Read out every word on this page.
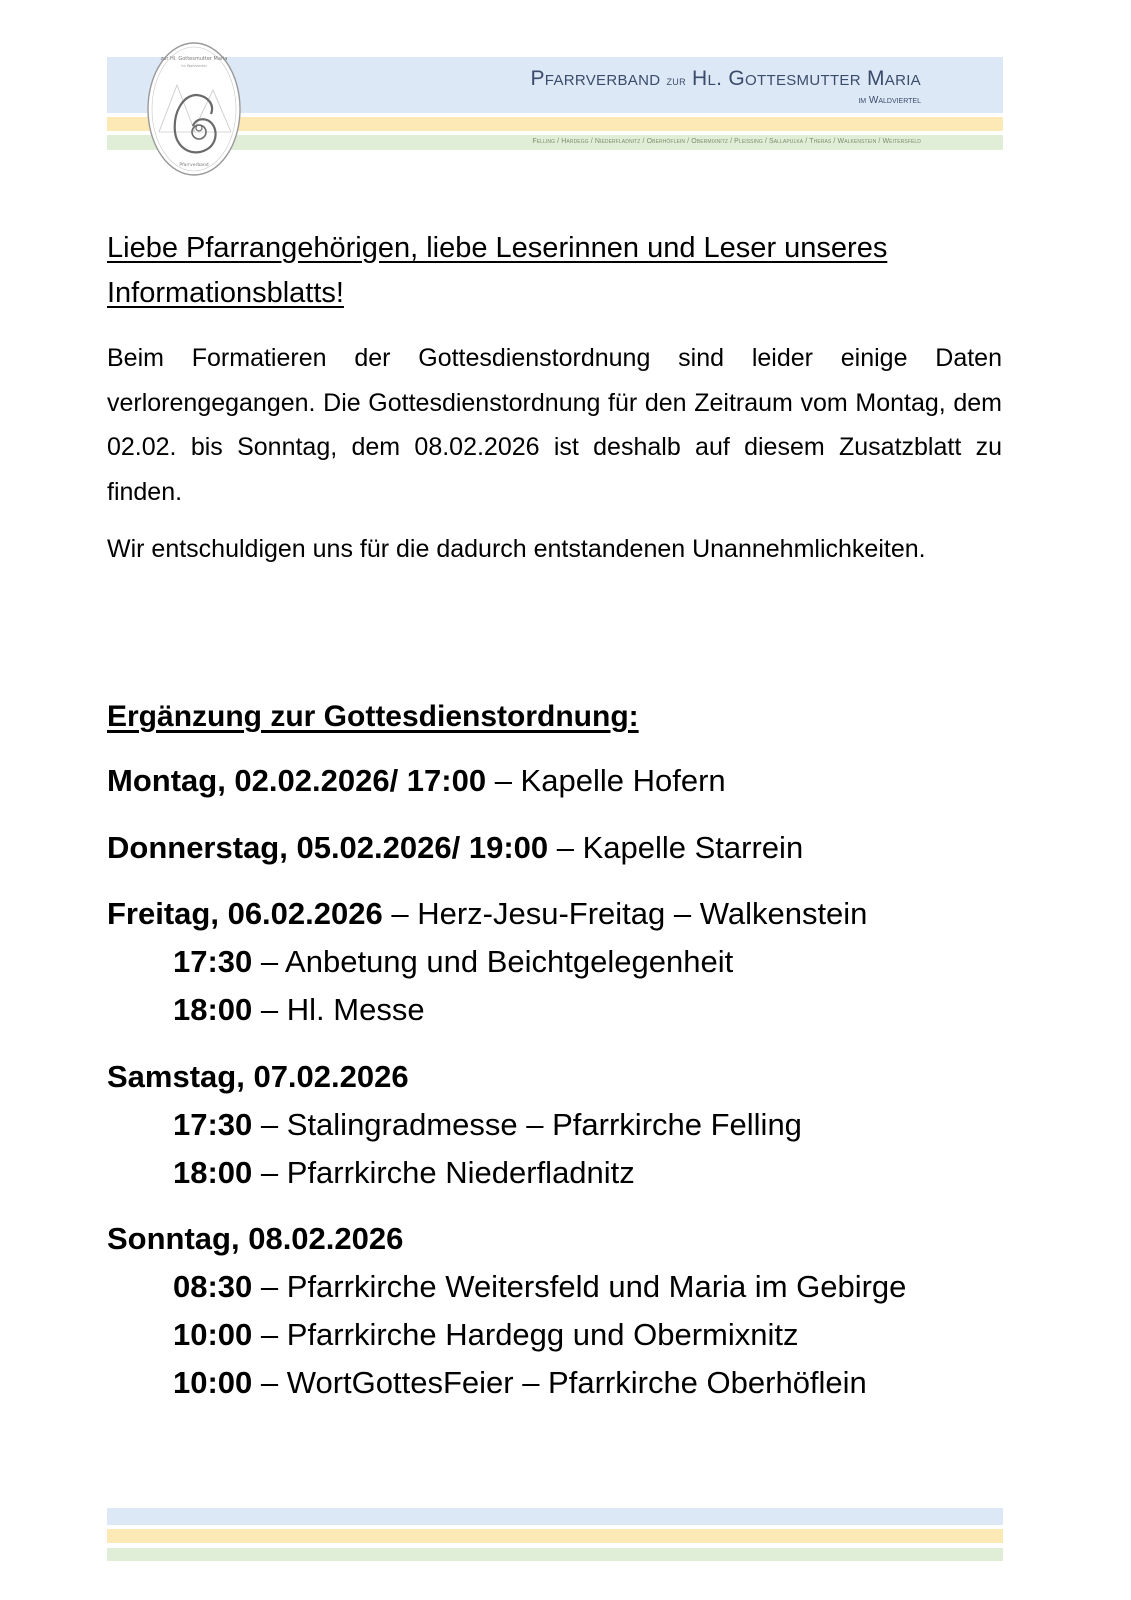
zur Hl. Gottesmutter Maria
im Waldviertel
Pfarrverband
Pfarrverband zur Hl. Gottesmutter Maria
im Waldviertel
Felling / Hardegg / Niederfladnitz / Oberhöflein / Obermixnitz / Pleissing / Sallapulka / Theras / Walkenstein / Weitersfeld
Liebe Pfarrangehörigen, liebe Leserinnen und Leser unseres Informationsblatts!
Beim Formatieren der Gottesdienstordnung sind leider einige Daten verlorengegangen. Die Gottesdienstordnung für den Zeitraum vom Montag, dem 02.02. bis Sonntag, dem 08.02.2026 ist deshalb auf diesem Zusatzblatt zu finden.
Wir entschuldigen uns für die dadurch entstandenen Unannehmlichkeiten.
Ergänzung zur Gottesdienstordnung:
Montag, 02.02.2026/ 17:00 – Kapelle Hofern
Donnerstag, 05.02.2026/ 19:00 – Kapelle Starrein
Freitag, 06.02.2026 – Herz-Jesu-Freitag – Walkenstein
17:30 – Anbetung und Beichtgelegenheit
18:00 – Hl. Messe
Samstag, 07.02.2026
17:30 – Stalingradmesse – Pfarrkirche Felling
18:00 – Pfarrkirche Niederfladnitz
Sonntag, 08.02.2026
08:30 – Pfarrkirche Weitersfeld und Maria im Gebirge
10:00 – Pfarrkirche Hardegg und Obermixnitz
10:00 – WortGottesFeier – Pfarrkirche Oberhöflein
